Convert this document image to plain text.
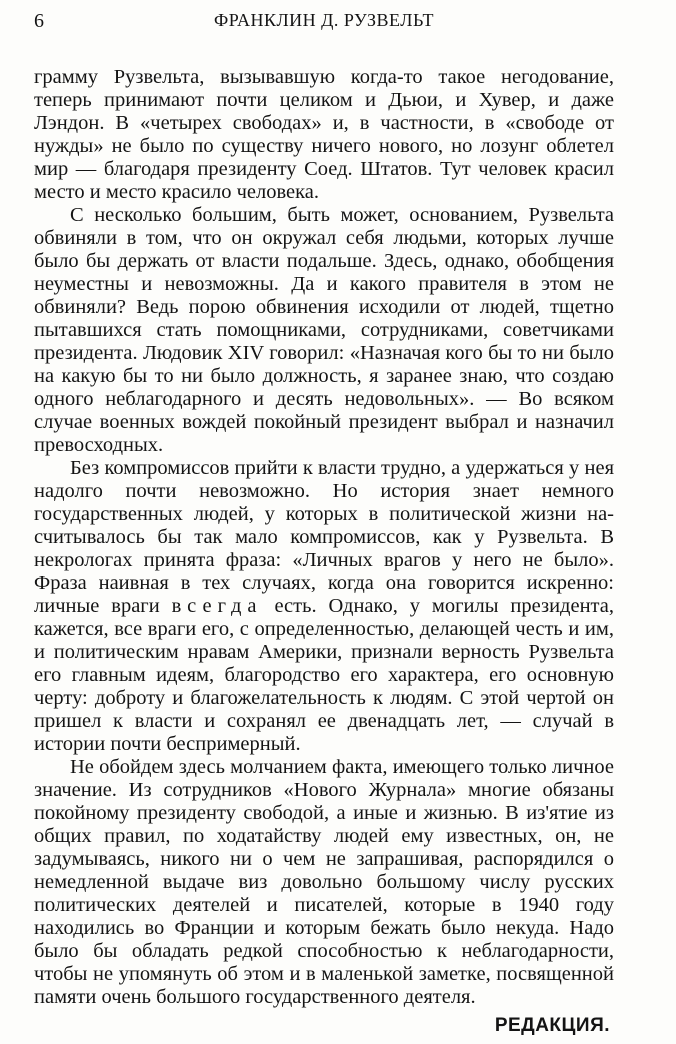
6	ФРАНКЛИН Д. РУЗВЕЛЬТ

грамму Рузвельта, вызывавшую когда-то такое негодование, теперь принимают почти целиком и Дьюи, и Хувер, и даже Лэндон. В «четырех свободах» и, в частности, в «свободе от нужды» не было по существу ничего нового, но лозунг облетел мир — благодаря президенту Соед. Штатов. Тут человек красил место и место красило человека.

С несколько большим, быть может, основанием, Рузвельта обвиняли в том, что он окружал себя людьми, которых лучше было бы держать от власти подальше. Здесь, однако, обобщения неуместны и невозможны. Да и какого правителя в этом не обвиняли? Ведь порою обвинения исходили от людей, тщетно пытавшихся стать помощниками, сотрудниками, советчиками президента. Людовик XIV говорил: «Назначая кого бы то ни было на какую бы то ни было должность, я заранее знаю, что создаю одного неблагодарного и десять недовольных». — Во всяком случае военных вождей покойный президент выбрал и назначил превосходных.

Без компромиссов прийти к власти трудно, а удержаться у нея надолго почти невозможно. Но история знает немного государственных людей, у которых в политической жизни насчитывалось бы так мало компромиссов, как у Рузвельта. В некрологах принята фраза: «Личных врагов у него не было». Фраза наивная в тех случаях, когда она говорится искренно: личные враги всегда есть. Однако, у могилы президента, кажется, все враги его, с определенностью, делающей честь и им, и политическим нравам Америки, признали верность Рузвельта его главным идеям, благородство его характера, его основную черту: доброту и благожелательность к людям. С этой чертой он пришел к власти и сохранял ее двенадцать лет, — случай в истории почти беспримерный.

Не обойдем здесь молчанием факта, имеющего только личное значение. Из сотрудников «Нового Журнала» многие обязаны покойному президенту свободой, а иные и жизнью. В из'ятие из общих правил, по ходатайству людей ему известных, он, не задумываясь, никого ни о чем не запрашивая, распорядился о немедленной выдаче виз довольно большому числу русских политических деятелей и писателей, которые в 1940 году находились во Франции и которым бежать было некуда. Надо было бы обладать редкой способностью к неблагодарности, чтобы не упомянуть об этом и в маленькой заметке, посвященной памяти очень большого государственного деятеля.

РЕДАКЦИЯ.
